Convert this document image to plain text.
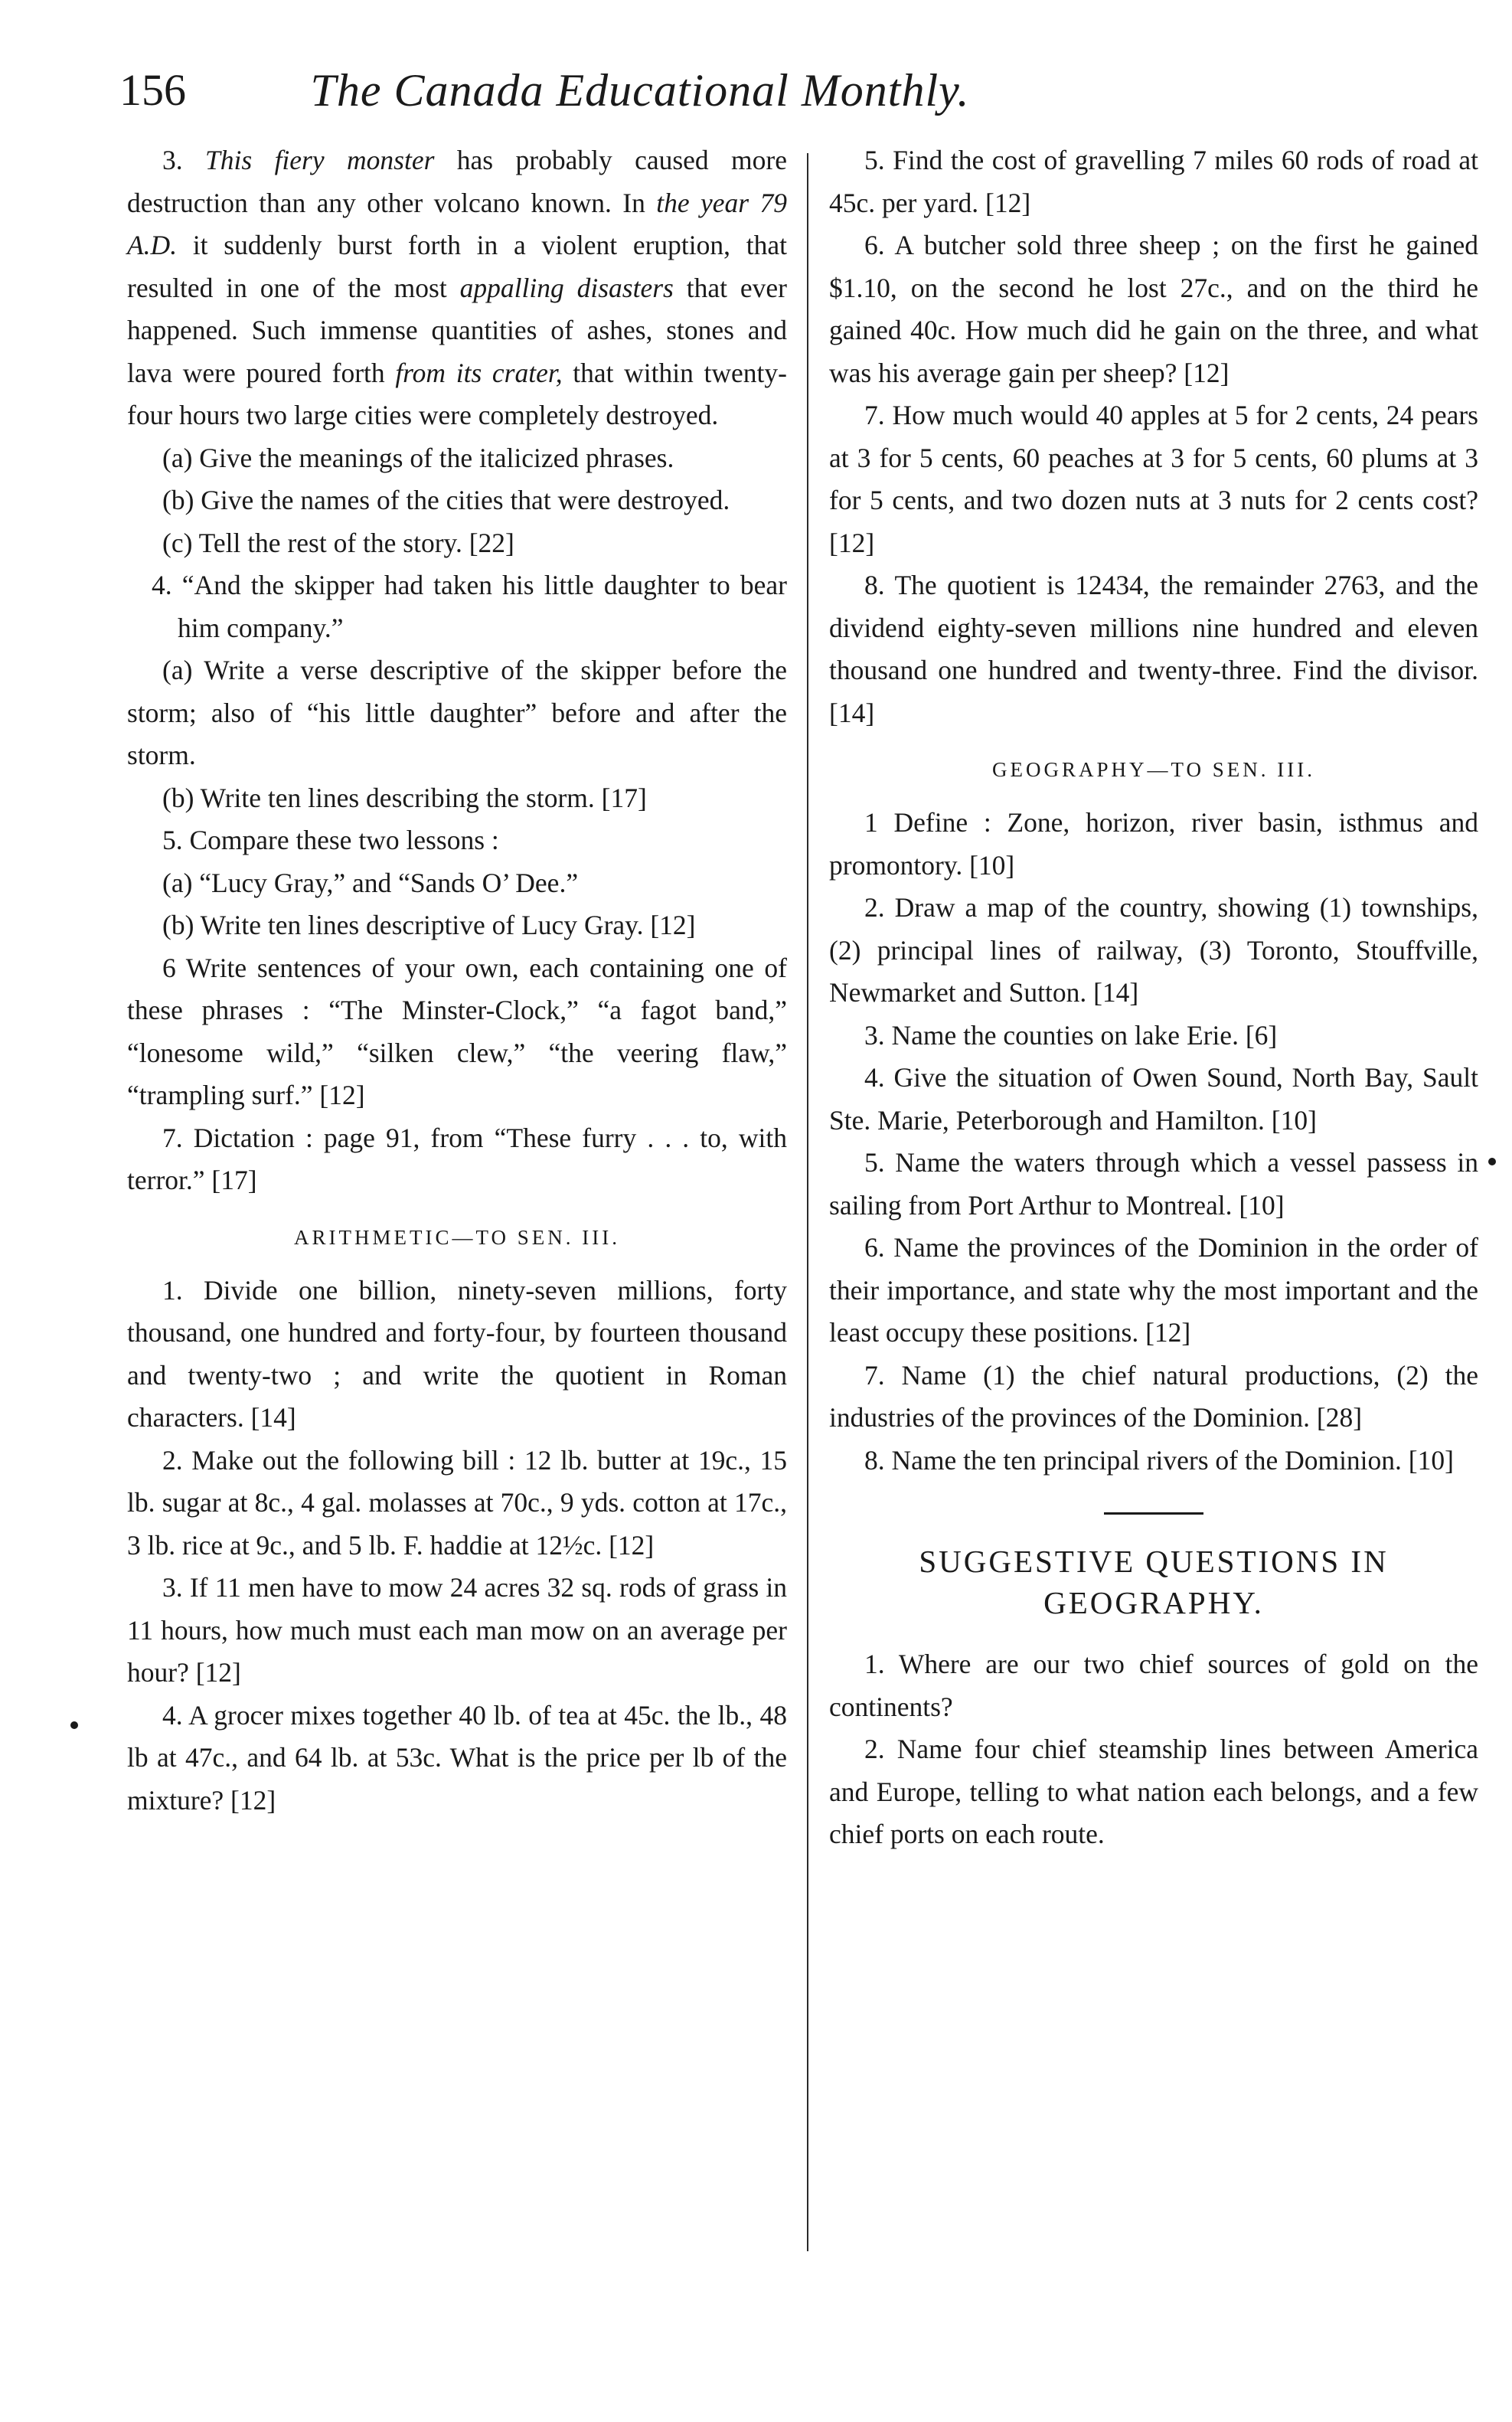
156	The Canada Educational Monthly.

3. This fiery monster has probably caused more destruction than any other volcano known. In the year 79 A.D. it suddenly burst forth in a violent eruption, that resulted in one of the most appalling disasters that ever happened. Such immense quantities of ashes, stones and lava were poured forth from its crater, that within twenty-four hours two large cities were completely destroyed.

(a) Give the meanings of the italicized phrases.

(b) Give the names of the cities that were destroyed.

(c) Tell the rest of the story. [22]

4. “And the skipper had taken his little daughter to bear him company.”

(a) Write a verse descriptive of the skipper before the storm; also of “his little daughter” before and after the storm.

(b) Write ten lines describing the storm. [17]

5. Compare these two lessons :

(a) “Lucy Gray,” and “Sands O’ Dee.”

(b) Write ten lines descriptive of Lucy Gray. [12]

6 Write sentences of your own, each containing one of these phrases : “The Minster-Clock,” “a fagot band,” “lonesome wild,” “silken clew,” “the veering flaw,” “trampling surf.” [12]

7. Dictation : page 91, from “These furry . . . to, with terror.” [17]

ARITHMETIC—TO SEN. III.

1. Divide one billion, ninety-seven millions, forty thousand, one hundred and forty-four, by fourteen thousand and twenty-two ; and write the quotient in Roman characters. [14]

2. Make out the following bill : 12 lb. butter at 19c., 15 lb. sugar at 8c., 4 gal. molasses at 70c., 9 yds. cotton at 17c., 3 lb. rice at 9c., and 5 lb. F. haddie at 12½c. [12]

3. If 11 men have to mow 24 acres 32 sq. rods of grass in 11 hours, how much must each man mow on an average per hour? [12]

4. A grocer mixes together 40 lb. of tea at 45c. the lb., 48 lb at 47c., and 64 lb. at 53c. What is the price per lb of the mixture? [12]

5. Find the cost of gravelling 7 miles 60 rods of road at 45c. per yard. [12]

6. A butcher sold three sheep ; on the first he gained $1.10, on the second he lost 27c., and on the third he gained 40c. How much did he gain on the three, and what was his average gain per sheep? [12]

7. How much would 40 apples at 5 for 2 cents, 24 pears at 3 for 5 cents, 60 peaches at 3 for 5 cents, 60 plums at 3 for 5 cents, and two dozen nuts at 3 nuts for 2 cents cost? [12]

8. The quotient is 12434, the remainder 2763, and the dividend eighty-seven millions nine hundred and eleven thousand one hundred and twenty-three. Find the divisor. [14]

GEOGRAPHY—TO SEN. III.

1 Define : Zone, horizon, river basin, isthmus and promontory. [10]

2. Draw a map of the country, showing (1) townships, (2) principal lines of railway, (3) Toronto, Stouffville, Newmarket and Sutton. [14]

3. Name the counties on lake Erie. [6]

4. Give the situation of Owen Sound, North Bay, Sault Ste. Marie, Peterborough and Hamilton. [10]

5. Name the waters through which a vessel passess in sailing from Port Arthur to Montreal. [10]

6. Name the provinces of the Dominion in the order of their importance, and state why the most important and the least occupy these positions. [12]

7. Name (1) the chief natural productions, (2) the industries of the provinces of the Dominion. [28]

8. Name the ten principal rivers of the Dominion. [10]

SUGGESTIVE QUESTIONS IN GEOGRAPHY.

1. Where are our two chief sources of gold on the continents?

2. Name four chief steamship lines between America and Europe, telling to what nation each belongs, and a few chief ports on each route.
